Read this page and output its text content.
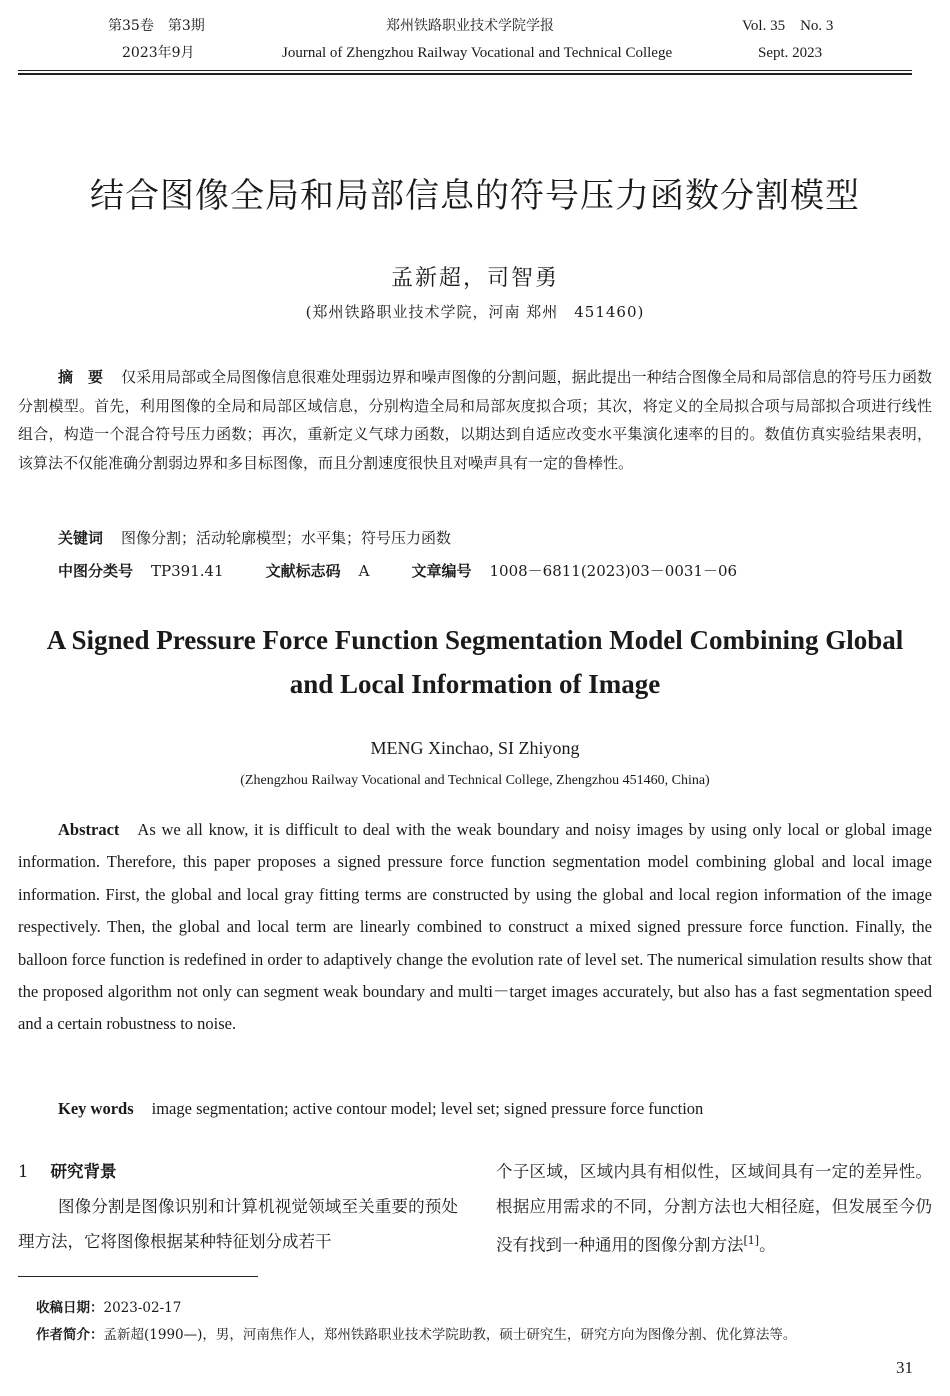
第35卷　第3期
2023年9月
郑州铁路职业技术学院学报
Journal of Zhengzhou Railway Vocational and Technical College
Vol. 35　No. 3
Sept. 2023
结合图像全局和局部信息的符号压力函数分割模型
孟新超，司智勇
(郑州铁路职业技术学院，河南 郑州　451460)
摘　要 仅采用局部或全局图像信息很难处理弱边界和噪声图像的分割问题，据此提出一种结合图像全局和局部信息的符号压力函数分割模型。首先，利用图像的全局和局部区域信息，分别构造全局和局部灰度拟合项；其次，将定义的全局拟合项与局部拟合项进行线性组合，构造一个混合符号压力函数；再次，重新定义气球力函数，以期达到自适应改变水平集演化速率的目的。数值仿真实验结果表明，该算法不仅能准确分割弱边界和多目标图像，而且分割速度很快且对噪声具有一定的鲁棒性。
关键词 图像分割；活动轮廓模型；水平集；符号压力函数
中图分类号 TP391.41	文献标志码 A	文章编号 1008－6811(2023)03－0031－06
A Signed Pressure Force Function Segmentation Model Combining Global
and Local Information of Image
MENG Xinchao, SI Zhiyong
(Zhengzhou Railway Vocational and Technical College, Zhengzhou 451460, China)
Abstract As we all know, it is difficult to deal with the weak boundary and noisy images by using only local or global image information. Therefore, this paper proposes a signed pressure force function segmentation model combining global and local image information. First, the global and local gray fitting terms are constructed by using the global and local region information of the image respectively. Then, the global and local term are linearly combined to construct a mixed signed pressure force function. Finally, the balloon force function is redefined in order to adaptively change the evolution rate of level set. The numerical simulation results show that the proposed algorithm not only can segment weak boundary and multi－target images accurately, but also has a fast segmentation speed and a certain robustness to noise.
Key words image segmentation; active contour model; level set; signed pressure force function
1 研究背景
图像分割是图像识别和计算机视觉领域至关重要的预处理方法，它将图像根据某种特征划分成若干
个子区域，区域内具有相似性，区域间具有一定的差异性。根据应用需求的不同，分割方法也大相径庭，但发展至今仍没有找到一种通用的图像分割方法[1]。
收稿日期：2023-02-17
作者简介：孟新超(1990—)，男，河南焦作人，郑州铁路职业技术学院助教，硕士研究生，研究方向为图像分割、优化算法等。
31
